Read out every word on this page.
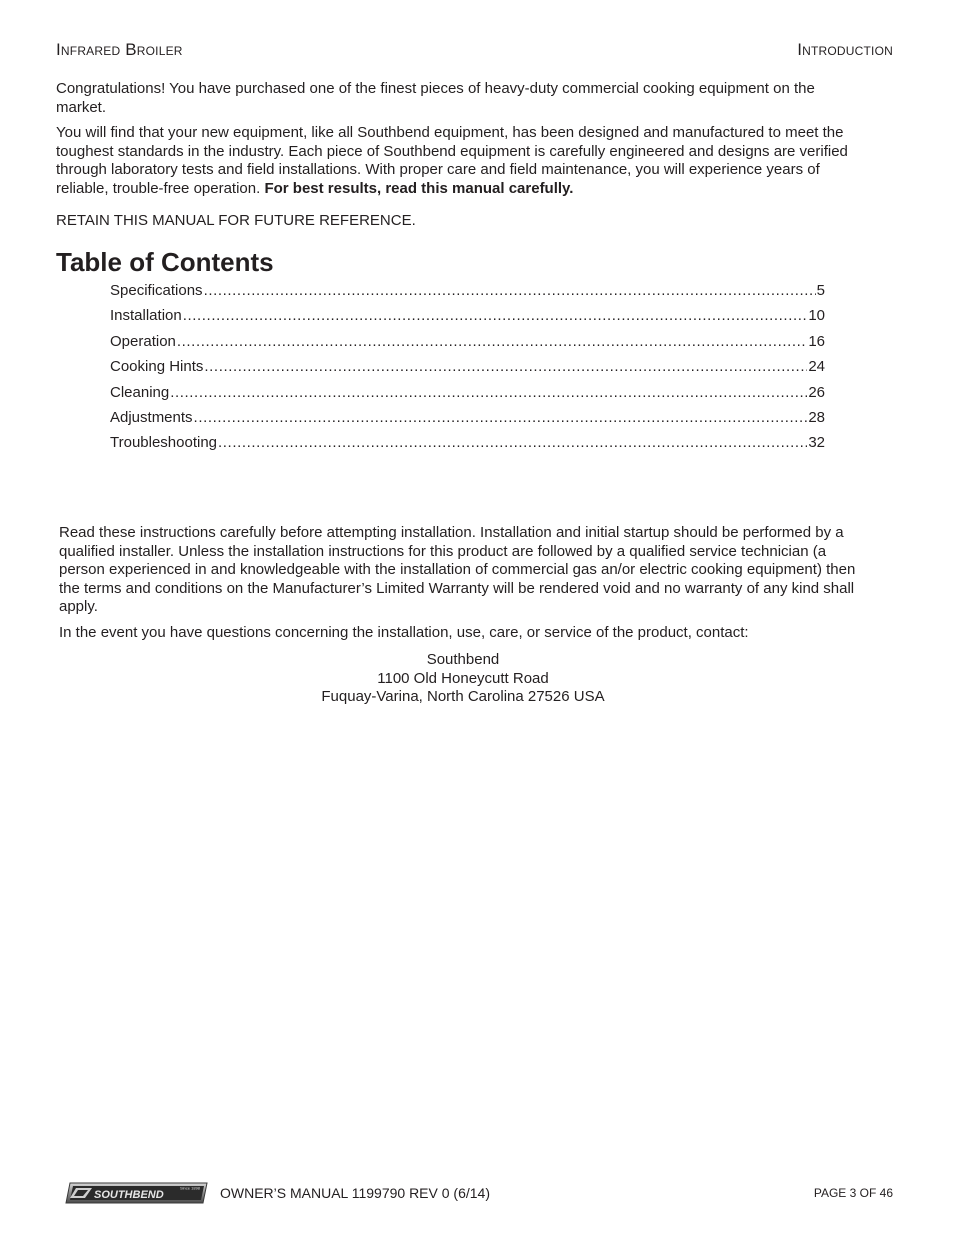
Infrared Broiler	Introduction

Congratulations! You have purchased one of the finest pieces of heavy-duty commercial cooking equipment on the market.

You will find that your new equipment, like all Southbend equipment, has been designed and manufactured to meet the toughest standards in the industry. Each piece of Southbend equipment is carefully engineered and designs are verified through laboratory tests and field installations. With proper care and field maintenance, you will experience years of reliable, trouble-free operation. For best results, read this manual carefully.

RETAIN THIS MANUAL FOR FUTURE REFERENCE.

Table of Contents
Specifications .....	5
Installation .....	10
Operation .....	16
Cooking Hints .....	24
Cleaning .....	26
Adjustments .....	28
Troubleshooting .....	32

Read these instructions carefully before attempting installation. Installation and initial startup should be performed by a qualified installer. Unless the installation instructions for this product are followed by a qualified service technician (a person experienced in and knowledgeable with the installation of commercial gas an/or electric cooking equipment) then the terms and conditions on the Manufacturer’s Limited Warranty will be rendered void and no warranty of any kind shall apply.

In the event you have questions concerning the installation, use, care, or service of the product, contact:

Southbend
1100 Old Honeycutt Road
Fuquay-Varina, North Carolina 27526 USA
SOUTHBEND
Since 1898 OWNER’S MANUAL 1199790 REV 0 (6/14)	PAGE 3 OF 46
